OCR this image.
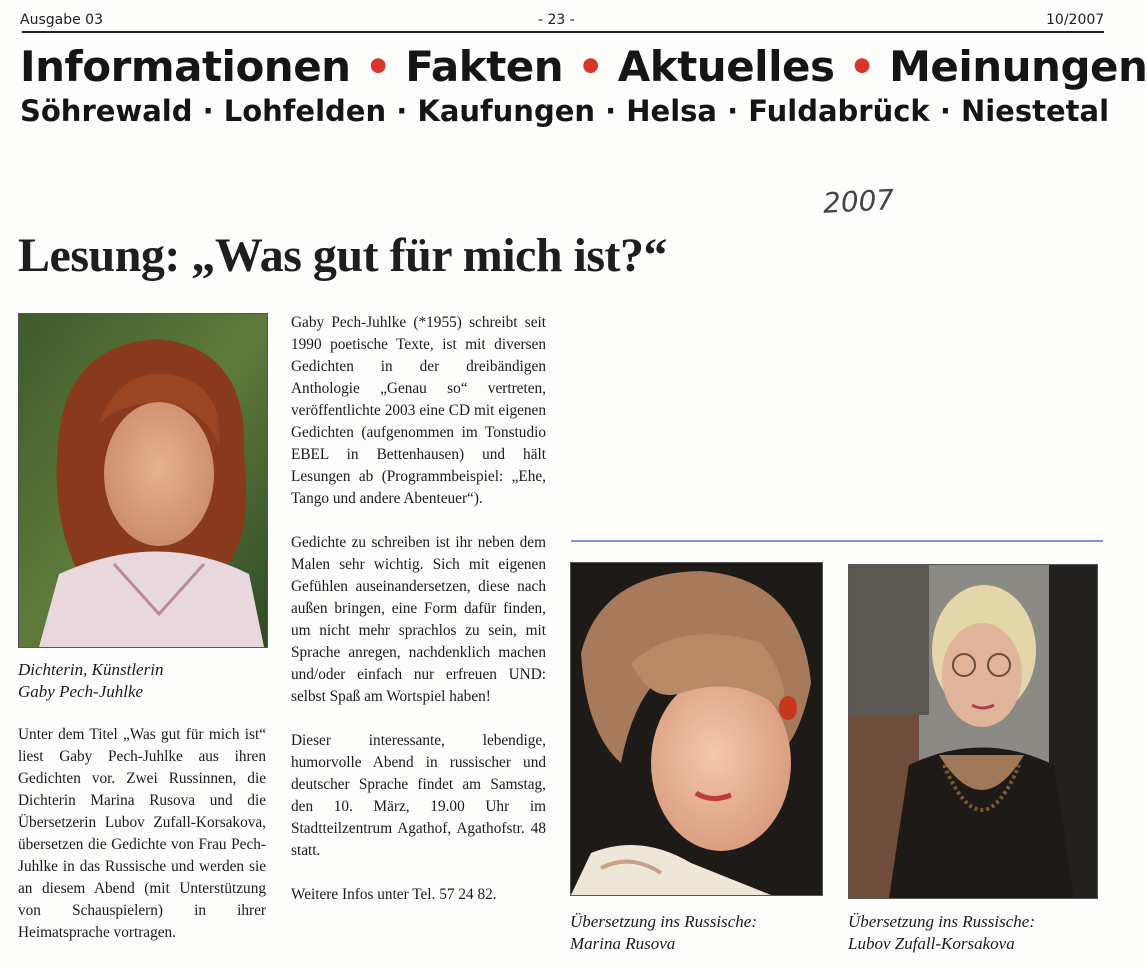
Ausgabe 03	- 23 -	10/2007
Informationen • Fakten • Aktuelles • Meinungen
Söhrewald · Lohfelden · Kaufungen · Helsa · Fuldabrück · Niestetal
2007
Lesung: „Was gut für mich ist?“
Dichterin, Künstlerin
Gaby Pech-Juhlke
Unter dem Titel „Was gut für mich ist“ liest Gaby Pech-Juhlke aus ihren Gedichten vor. Zwei Russinnen, die Dichterin Marina Rusova und die Übersetzerin Lubov Zufall-Korsakova, übersetzen die Gedichte von Frau Pech-Juhlke in das Russische und werden sie an diesem Abend (mit Unterstützung von Schauspielern) in ihrer Heimatsprache vortragen.

Gaby Pech-Juhlke (*1955) schreibt seit 1990 poetische Texte, ist mit diversen Gedichten in der dreibändigen Anthologie „Genau so“ vertreten, veröffentlichte 2003 eine CD mit eigenen Gedichten (aufgenommen im Tonstudio EBEL in Bettenhausen) und hält Lesungen ab (Programmbeispiel: „Ehe, Tango und andere Abenteuer“).

Gedichte zu schreiben ist ihr neben dem Malen sehr wichtig. Sich mit eigenen Gefühlen auseinandersetzen, diese nach außen bringen, eine Form dafür finden, um nicht mehr sprachlos zu sein, mit Sprache anregen, nachdenklich machen und/oder einfach nur erfreuen UND: selbst Spaß am Wortspiel haben!

Dieser interessante, lebendige, humorvolle Abend in russischer und deutscher Sprache findet am Samstag, den 10. März, 19.00 Uhr im Stadtteilzentrum Agathof, Agathofstr. 48 statt.

Weitere Infos unter Tel. 57 24 82.

Übersetzung ins Russische:
Marina Rusova
Übersetzung ins Russische:
Lubov Zufall-Korsakova
